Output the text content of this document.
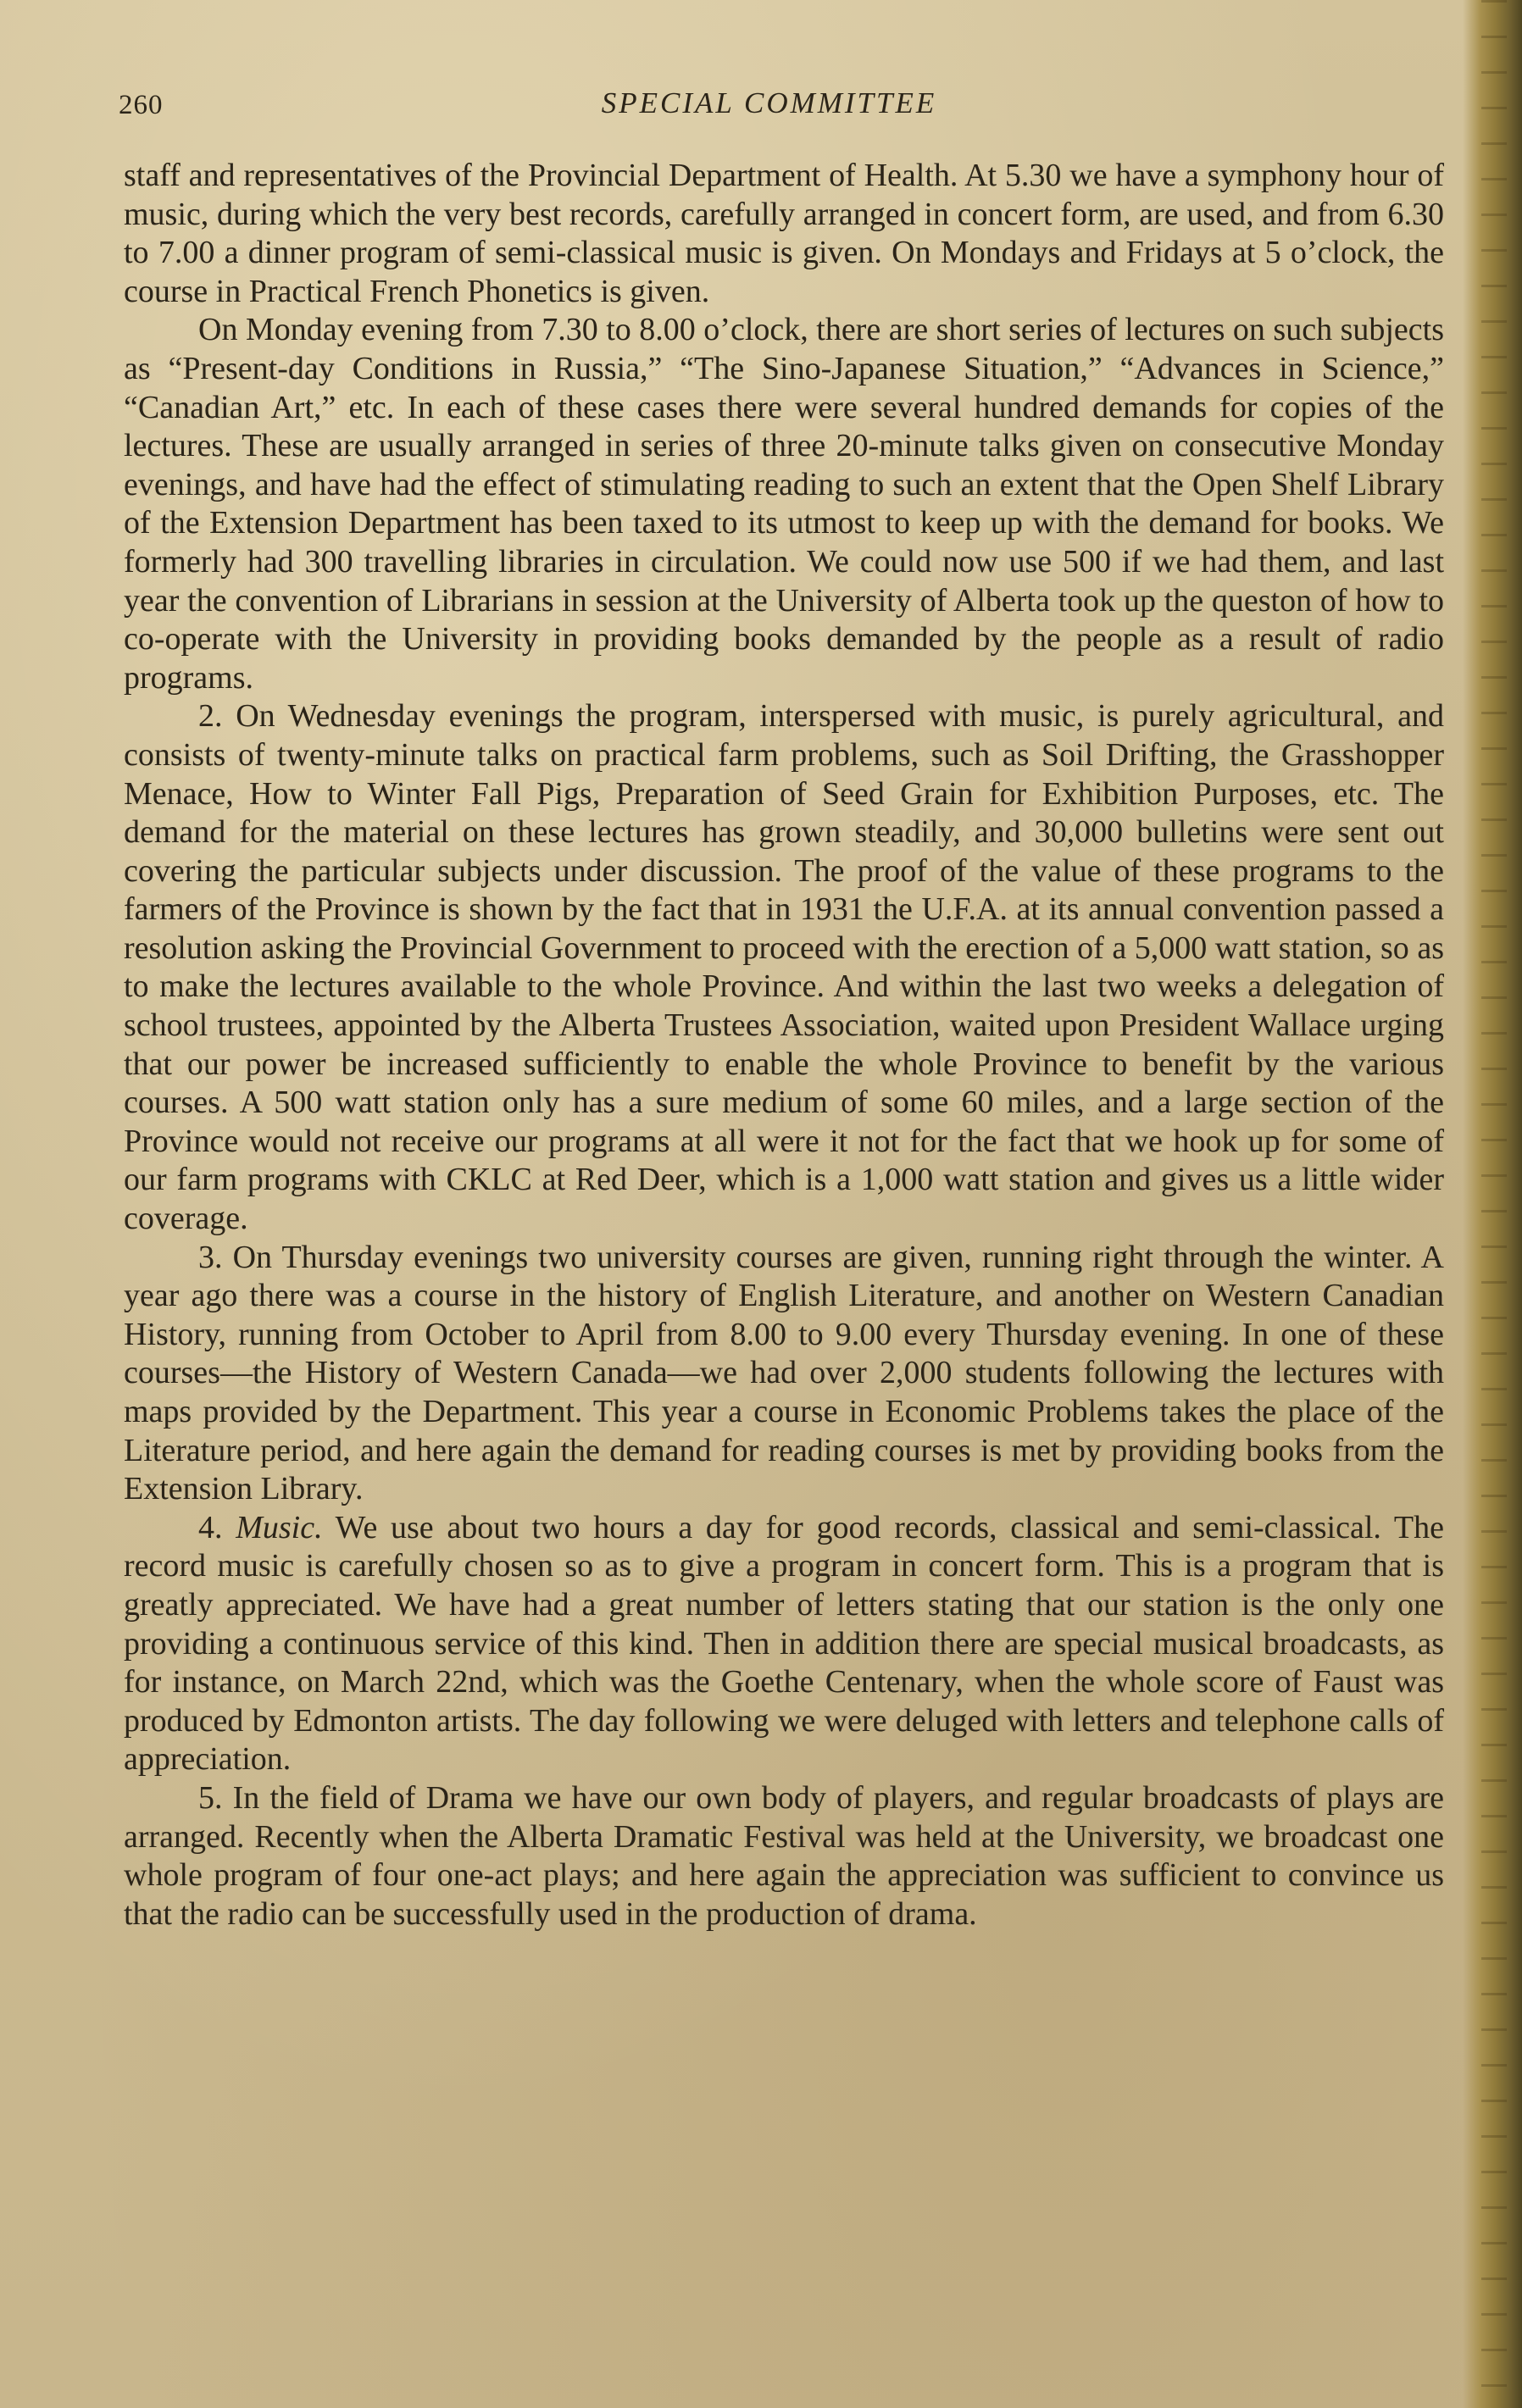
260	SPECIAL COMMITTEE

staff and representatives of the Provincial Department of Health. At 5.30 we have a symphony hour of music, during which the very best records, carefully arranged in concert form, are used, and from 6.30 to 7.00 a dinner program of semi-classical music is given. On Mondays and Fridays at 5 o’clock, the course in Practical French Phonetics is given.

On Monday evening from 7.30 to 8.00 o’clock, there are short series of lectures on such subjects as “Present-day Conditions in Russia,” “The Sino-Japanese Situation,” “Advances in Science,” “Canadian Art,” etc. In each of these cases there were several hundred demands for copies of the lectures. These are usually arranged in series of three 20-minute talks given on consecutive Monday evenings, and have had the effect of stimulating reading to such an extent that the Open Shelf Library of the Extension Department has been taxed to its utmost to keep up with the demand for books. We formerly had 300 travelling libraries in circulation. We could now use 500 if we had them, and last year the convention of Librarians in session at the University of Alberta took up the queston of how to co-operate with the University in providing books demanded by the people as a result of radio programs.

2. On Wednesday evenings the program, interspersed with music, is purely agricultural, and consists of twenty-minute talks on practical farm problems, such as Soil Drifting, the Grasshopper Menace, How to Winter Fall Pigs, Preparation of Seed Grain for Exhibition Purposes, etc. The demand for the material on these lectures has grown steadily, and 30,000 bulletins were sent out covering the particular subjects under discussion. The proof of the value of these programs to the farmers of the Province is shown by the fact that in 1931 the U.F.A. at its annual convention passed a resolution asking the Provincial Government to proceed with the erection of a 5,000 watt station, so as to make the lectures available to the whole Province. And within the last two weeks a delegation of school trustees, appointed by the Alberta Trustees Association, waited upon President Wallace urging that our power be increased sufficiently to enable the whole Province to benefit by the various courses. A 500 watt station only has a sure medium of some 60 miles, and a large section of the Province would not receive our programs at all were it not for the fact that we hook up for some of our farm programs with CKLC at Red Deer, which is a 1,000 watt station and gives us a little wider coverage.

3. On Thursday evenings two university courses are given, running right through the winter. A year ago there was a course in the history of English Literature, and another on Western Canadian History, running from October to April from 8.00 to 9.00 every Thursday evening. In one of these courses—the History of Western Canada—we had over 2,000 students following the lectures with maps provided by the Department. This year a course in Economic Problems takes the place of the Literature period, and here again the demand for reading courses is met by providing books from the Extension Library.

4. Music. We use about two hours a day for good records, classical and semi-classical. The record music is carefully chosen so as to give a program in concert form. This is a program that is greatly appreciated. We have had a great number of letters stating that our station is the only one providing a continuous service of this kind. Then in addition there are special musical broadcasts, as for instance, on March 22nd, which was the Goethe Centenary, when the whole score of Faust was produced by Edmonton artists. The day following we were deluged with letters and telephone calls of appreciation.

5. In the field of Drama we have our own body of players, and regular broadcasts of plays are arranged. Recently when the Alberta Dramatic Festival was held at the University, we broadcast one whole program of four one-act plays; and here again the appreciation was sufficient to convince us that the radio can be successfully used in the production of drama.
